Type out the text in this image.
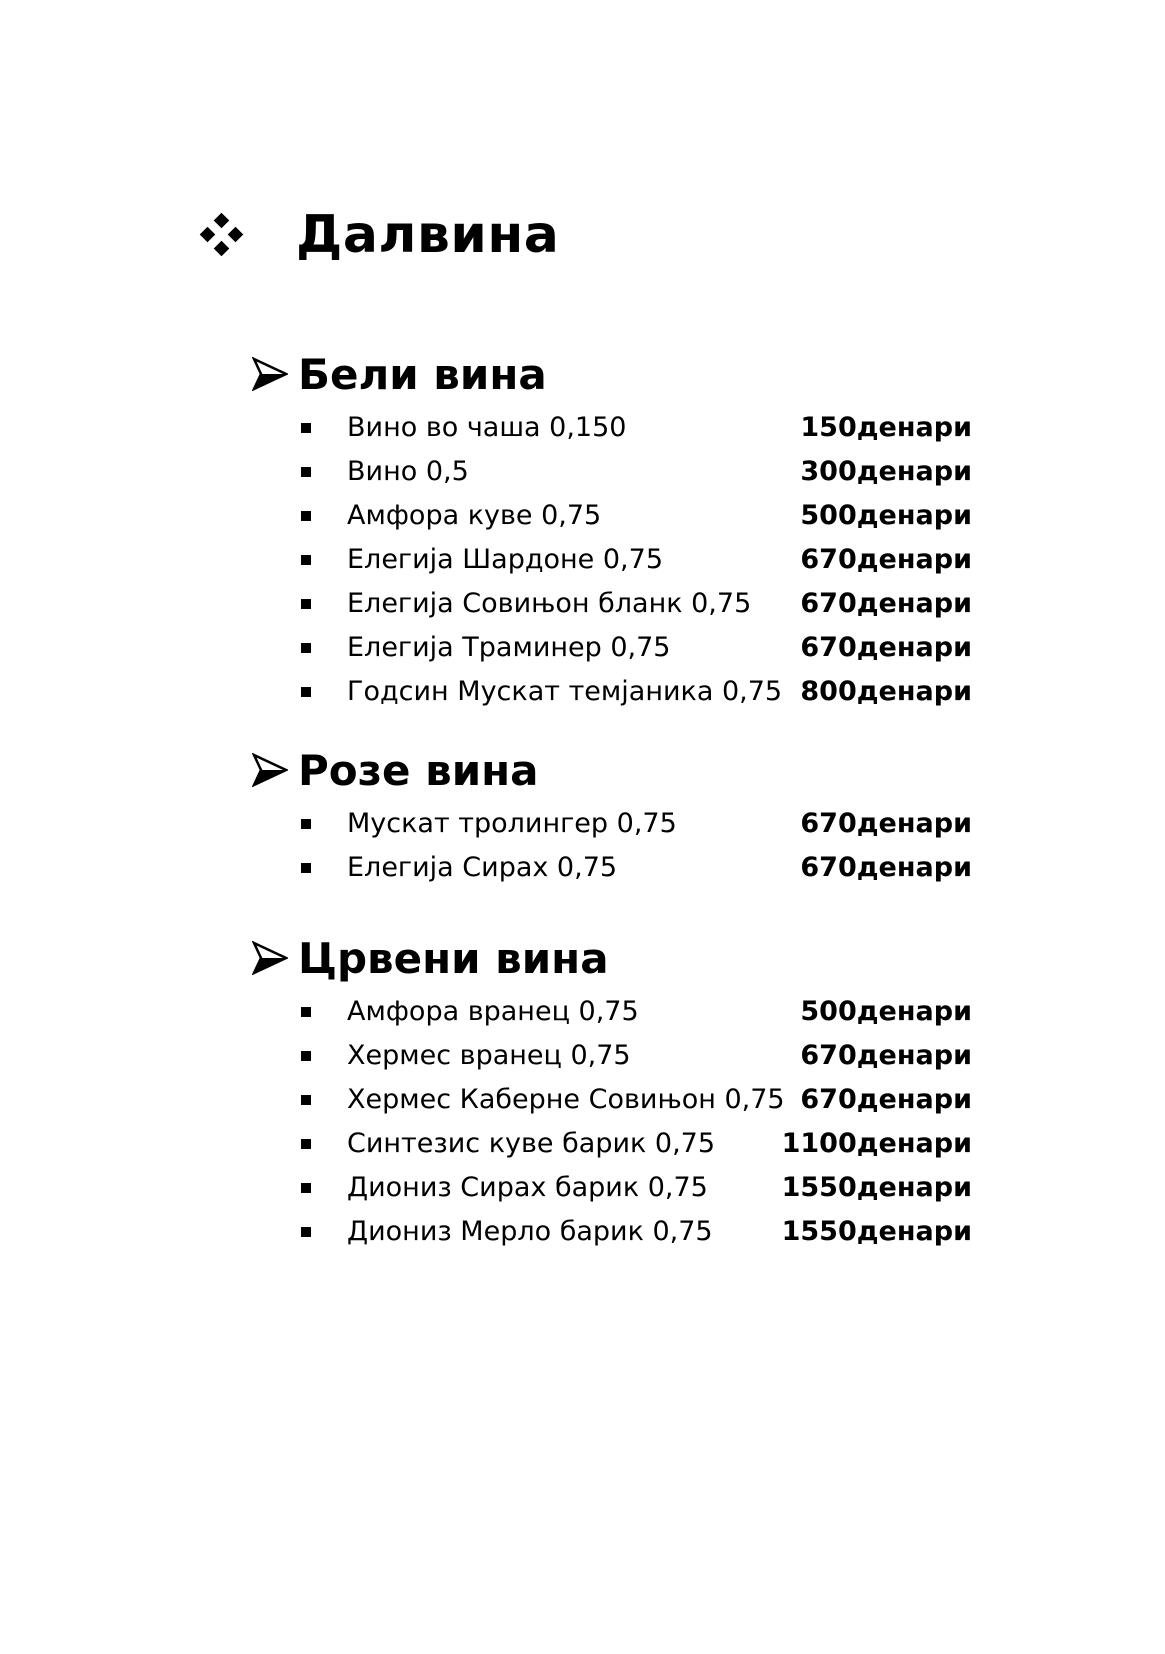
Далвина
Бели вина
Вино во чаша 0,150	150денари
Вино 0,5	300денари
Амфора куве 0,75	500денари
Елегија Шардоне 0,75	670денари
Елегија Совињон бланк 0,75 670денари
Елегија Траминер 0,75	670денари
Годсин Мускат темјаника 0,75 800денари
Розе вина
Мускат тролингер 0,75	670денари
Елегија Сирах 0,75	670денари
Црвени вина
Амфора вранец 0,75	500денари
Хермес вранец 0,75	670денари
Хермес Каберне Совињон 0,75 670денари
Синтезис куве барик 0,75 1100денари
Диониз Сирах барик 0,75	1550денари
Диониз Мерло барик 0,75	1550денари
